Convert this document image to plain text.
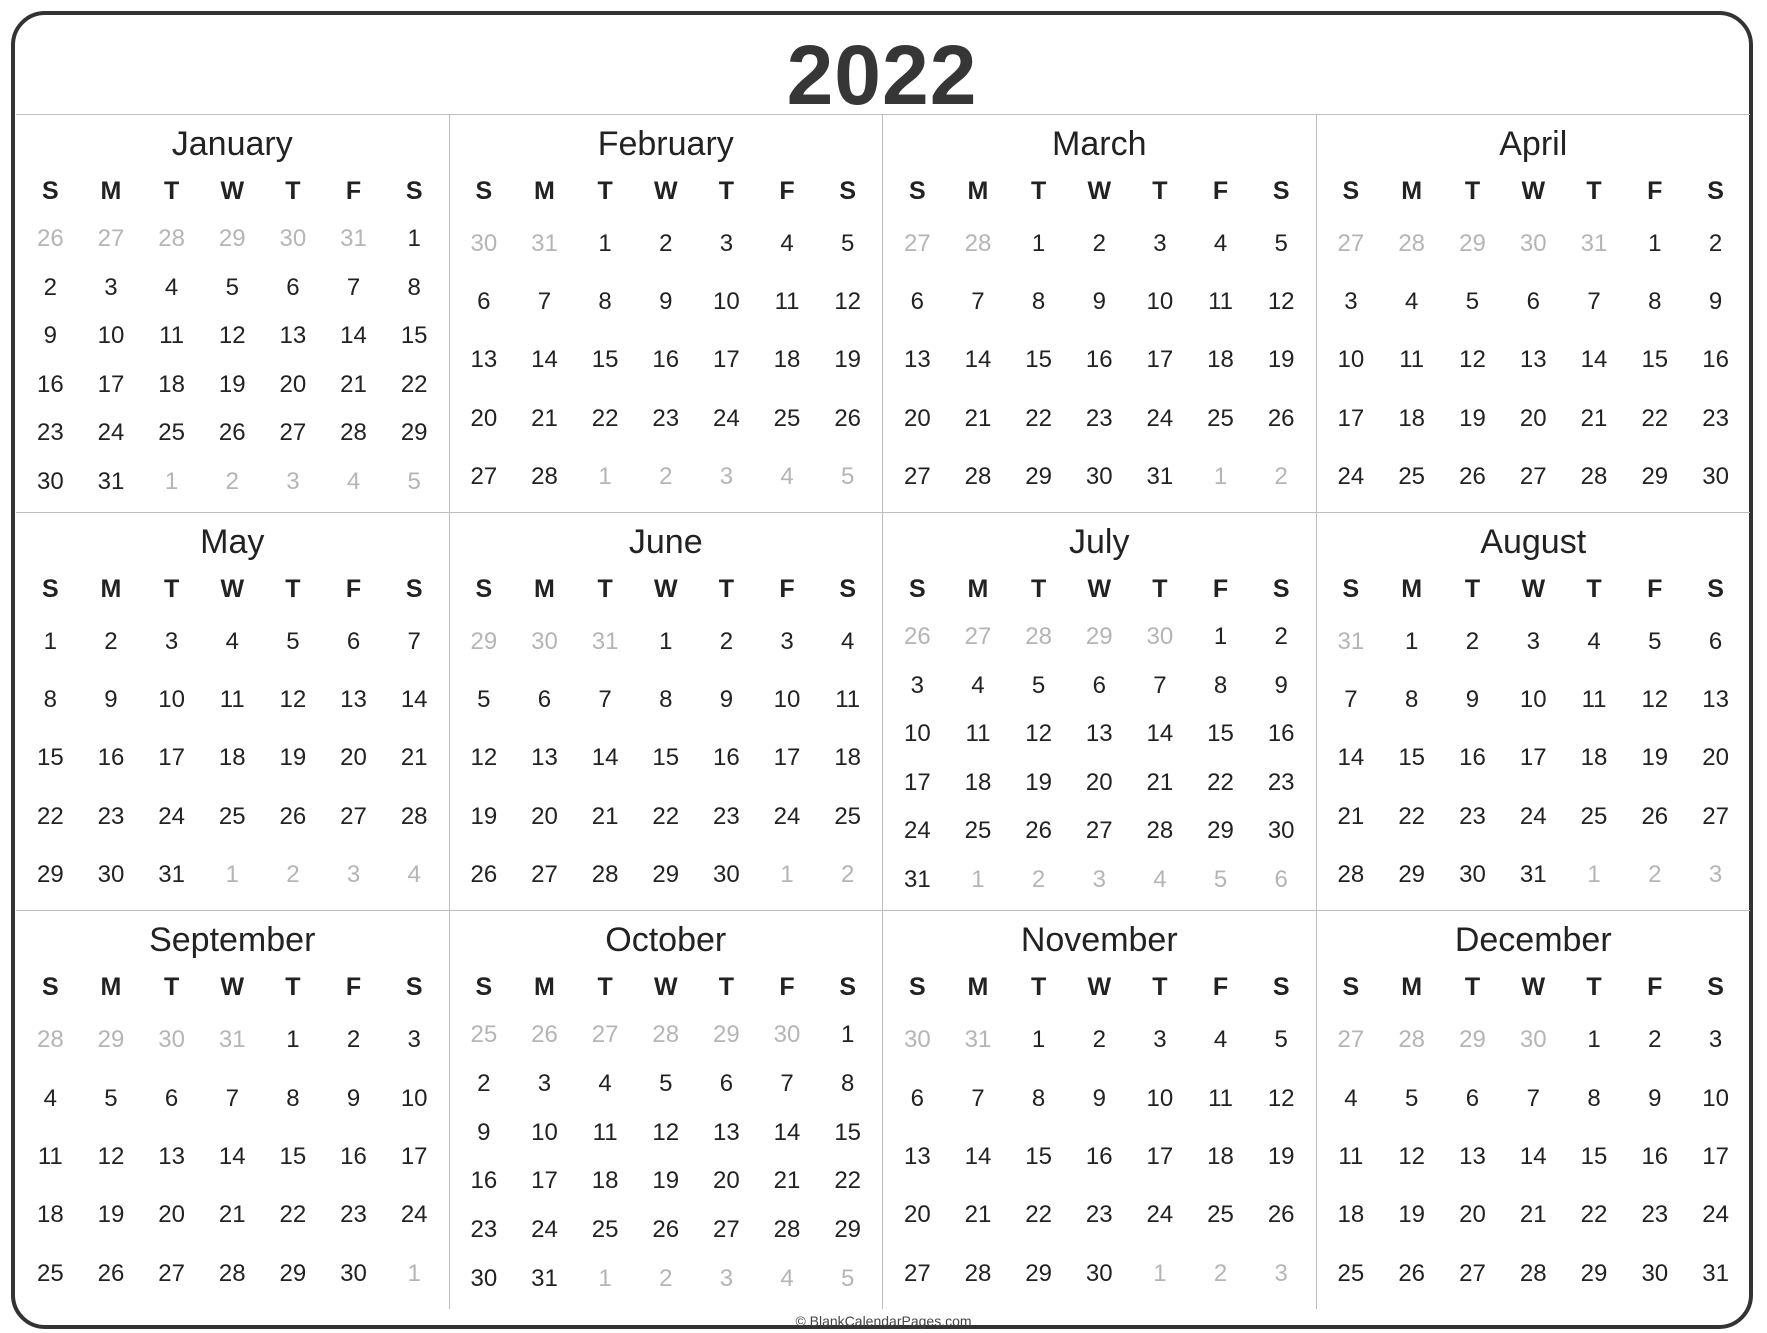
2022
January
S	M	T	W	T	F	S
26	27	28	29	30	31	1
2	3	4	5	6	7	8
9	10	11	12	13	14	15
16	17	18	19	20	21	22
23	24	25	26	27	28	29
30	31	1	2	3	4	5
February
S	M	T	W	T	F	S
30	31	1	2	3	4	5
6	7	8	9	10	11	12
13	14	15	16	17	18	19
20	21	22	23	24	25	26
27	28	1	2	3	4	5
March
S	M	T	W	T	F	S
27	28	1	2	3	4	5
6	7	8	9	10	11	12
13	14	15	16	17	18	19
20	21	22	23	24	25	26
27	28	29	30	31	1	2
April
S	M	T	W	T	F	S
27	28	29	30	31	1	2
3	4	5	6	7	8	9
10	11	12	13	14	15	16
17	18	19	20	21	22	23
24	25	26	27	28	29	30
May
S	M	T	W	T	F	S
1	2	3	4	5	6	7
8	9	10	11	12	13	14
15	16	17	18	19	20	21
22	23	24	25	26	27	28
29	30	31	1	2	3	4
June
S	M	T	W	T	F	S
29	30	31	1	2	3	4
5	6	7	8	9	10	11
12	13	14	15	16	17	18
19	20	21	22	23	24	25
26	27	28	29	30	1	2
July
S	M	T	W	T	F	S
26	27	28	29	30	1	2
3	4	5	6	7	8	9
10	11	12	13	14	15	16
17	18	19	20	21	22	23
24	25	26	27	28	29	30
31	1	2	3	4	5	6
August
S	M	T	W	T	F	S
31	1	2	3	4	5	6
7	8	9	10	11	12	13
14	15	16	17	18	19	20
21	22	23	24	25	26	27
28	29	30	31	1	2	3
September
S	M	T	W	T	F	S
28	29	30	31	1	2	3
4	5	6	7	8	9	10
11	12	13	14	15	16	17
18	19	20	21	22	23	24
25	26	27	28	29	30	1
October
S	M	T	W	T	F	S
25	26	27	28	29	30	1
2	3	4	5	6	7	8
9	10	11	12	13	14	15
16	17	18	19	20	21	22
23	24	25	26	27	28	29
30	31	1	2	3	4	5
November
S	M	T	W	T	F	S
30	31	1	2	3	4	5
6	7	8	9	10	11	12
13	14	15	16	17	18	19
20	21	22	23	24	25	26
27	28	29	30	1	2	3
December
S	M	T	W	T	F	S
27	28	29	30	1	2	3
4	5	6	7	8	9	10
11	12	13	14	15	16	17
18	19	20	21	22	23	24
25	26	27	28	29	30	31
© BlankCalendarPages.com
